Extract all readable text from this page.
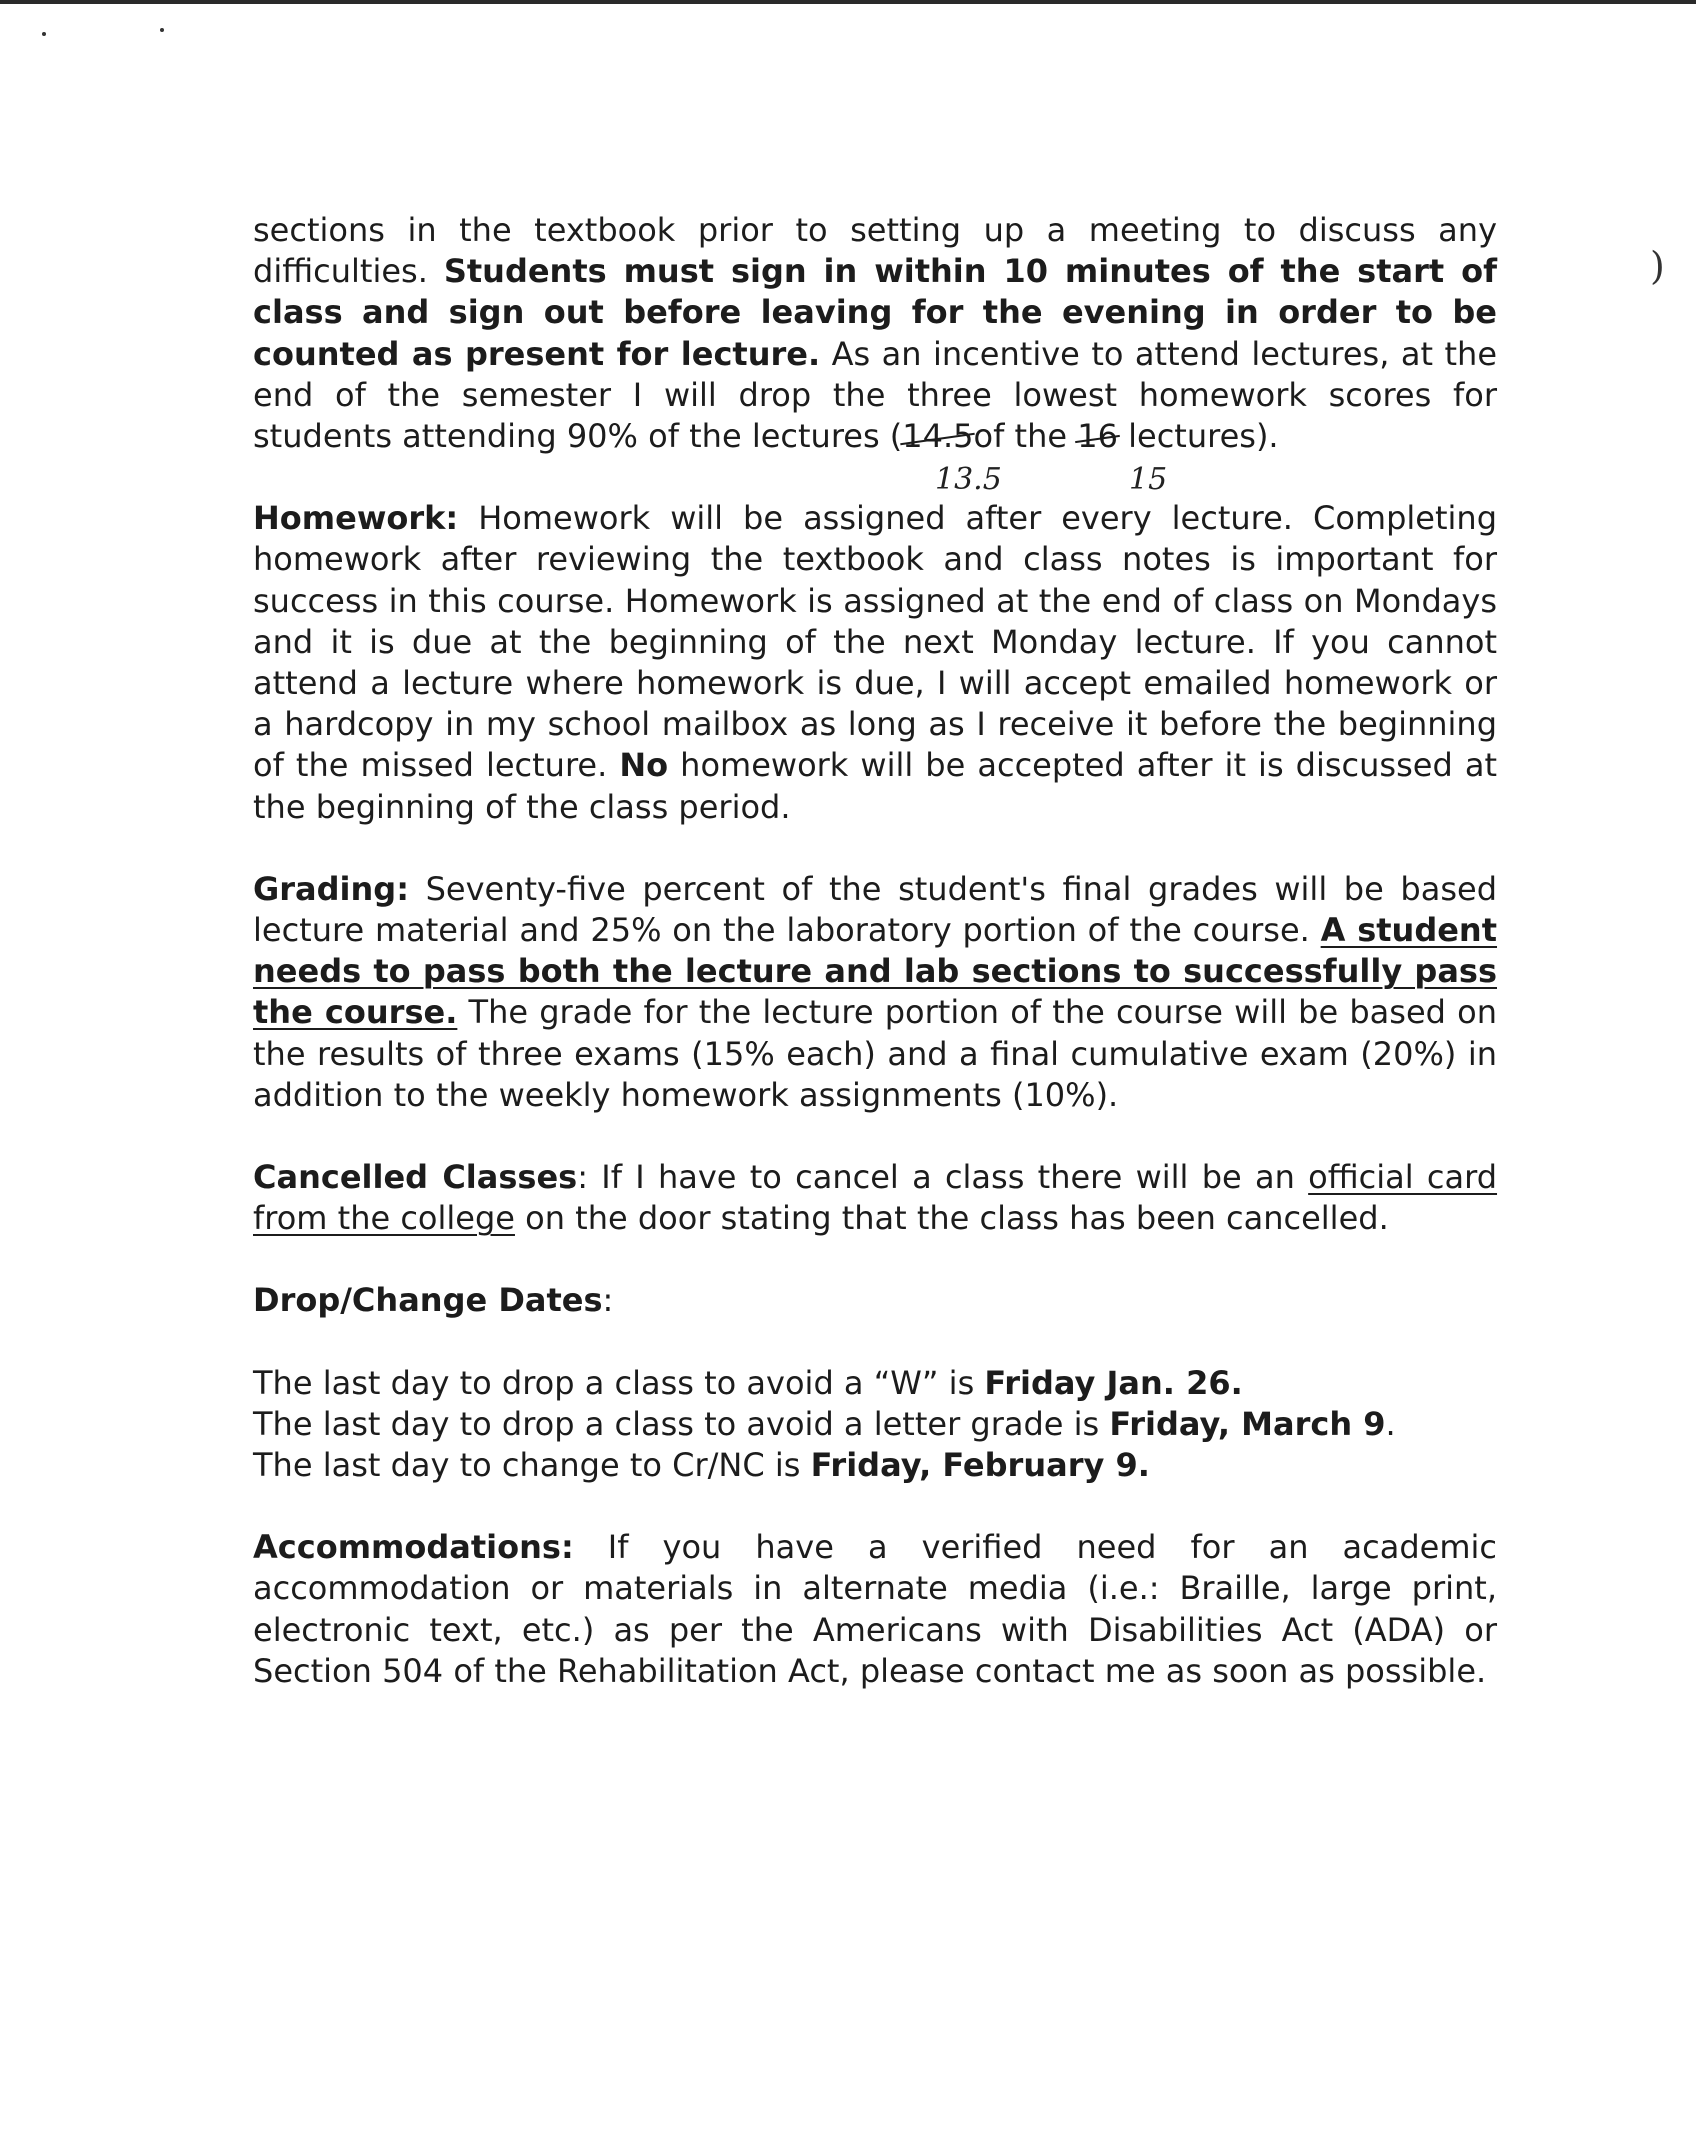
)

sections in the textbook prior to setting up a meeting to discuss any difficulties. Students must sign in within 10 minutes of the start of class and sign out before leaving for the evening in order to be counted as present for lecture. As an incentive to attend lectures, at the end of the semester I will drop the three lowest homework scores for students attending 90% of the lectures (14.5of the 16 lectures).

13.5	15

Homework: Homework will be assigned after every lecture. Completing homework after reviewing the textbook and class notes is important for success in this course. Homework is assigned at the end of class on Mondays and it is due at the beginning of the next Monday lecture. If you cannot attend a lecture where homework is due, I will accept emailed homework or a hardcopy in my school mailbox as long as I receive it before the beginning of the missed lecture. No homework will be accepted after it is discussed at the beginning of the class period.

Grading: Seventy-five percent of the student's final grades will be based lecture material and 25% on the laboratory portion of the course. A student needs to pass both the lecture and lab sections to successfully pass the course. The grade for the lecture portion of the course will be based on the results of three exams (15% each) and a final cumulative exam (20%) in addition to the weekly homework assignments (10%).

Cancelled Classes: If I have to cancel a class there will be an official card from the college on the door stating that the class has been cancelled.

Drop/Change Dates:

The last day to drop a class to avoid a “W” is Friday Jan. 26.

The last day to drop a class to avoid a letter grade is Friday, March 9.

The last day to change to Cr/NC is Friday, February 9.

Accommodations: If you have a verified need for an academic accommodation or materials in alternate media (i.e.: Braille, large print, electronic text, etc.) as per the Americans with Disabilities Act (ADA) or Section 504 of the Rehabilitation Act, please contact me as soon as possible.
